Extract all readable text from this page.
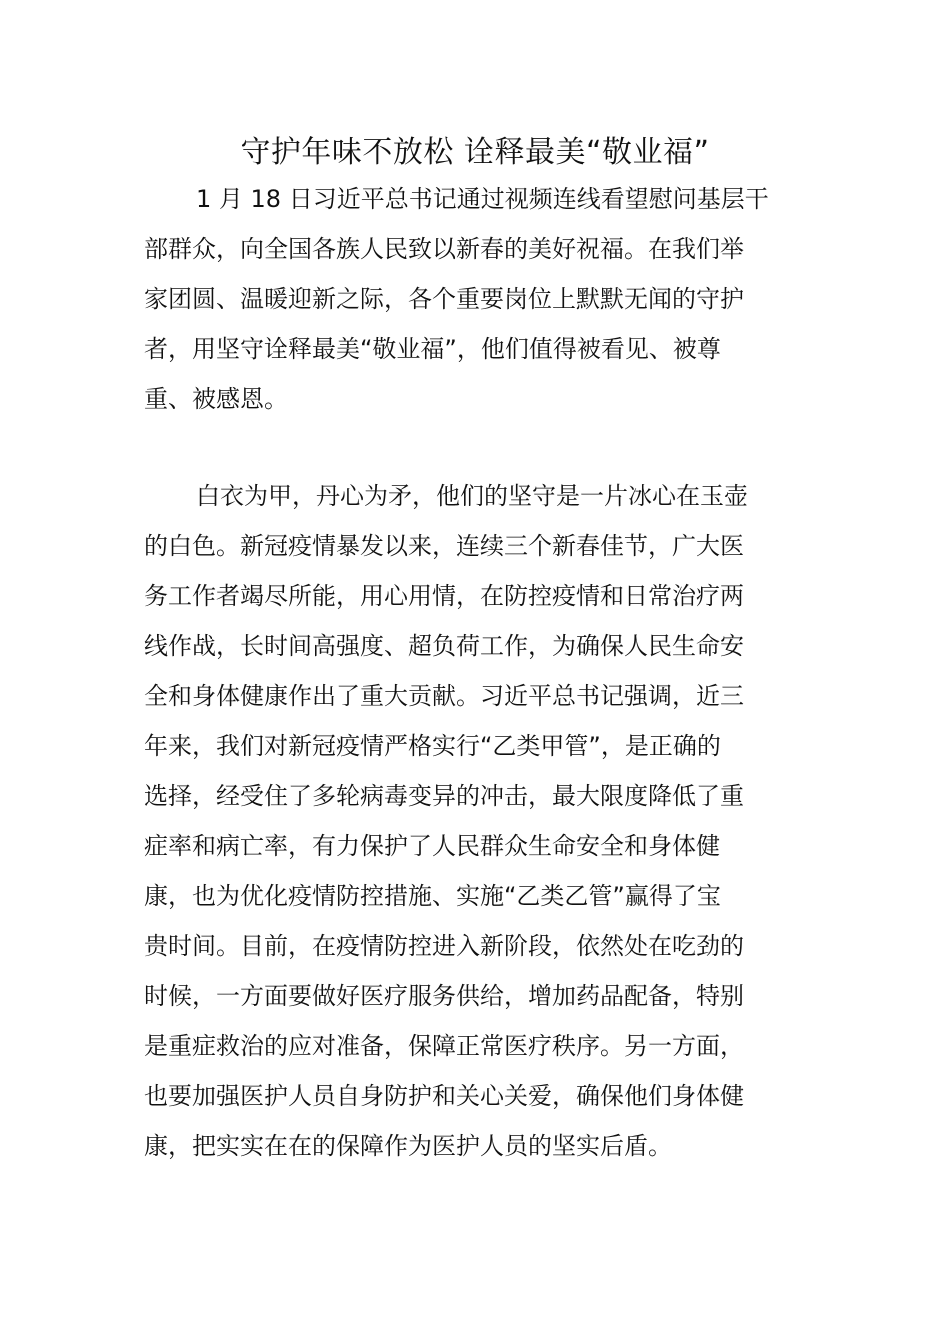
守护年味不放松 诠释最美“敬业福”
1 月 18 日习近平总书记通过视频连线看望慰问基层干
部群众，向全国各族人民致以新春的美好祝福。在我们举
家团圆、温暖迎新之际，各个重要岗位上默默无闻的守护
者，用坚守诠释最美“敬业福”，他们值得被看见、被尊
重、被感恩。
白衣为甲，丹心为矛，他们的坚守是一片冰心在玉壶
的白色。新冠疫情暴发以来，连续三个新春佳节，广大医
务工作者竭尽所能，用心用情，在防控疫情和日常治疗两
线作战，长时间高强度、超负荷工作，为确保人民生命安
全和身体健康作出了重大贡献。习近平总书记强调，近三
年来，我们对新冠疫情严格实行“乙类甲管”，是正确的
选择，经受住了多轮病毒变异的冲击，最大限度降低了重
症率和病亡率，有力保护了人民群众生命安全和身体健
康，也为优化疫情防控措施、实施“乙类乙管”赢得了宝
贵时间。目前，在疫情防控进入新阶段，依然处在吃劲的
时候，一方面要做好医疗服务供给，增加药品配备，特别
是重症救治的应对准备，保障正常医疗秩序。另一方面，
也要加强医护人员自身防护和关心关爱，确保他们身体健
康，把实实在在的保障作为医护人员的坚实后盾。
